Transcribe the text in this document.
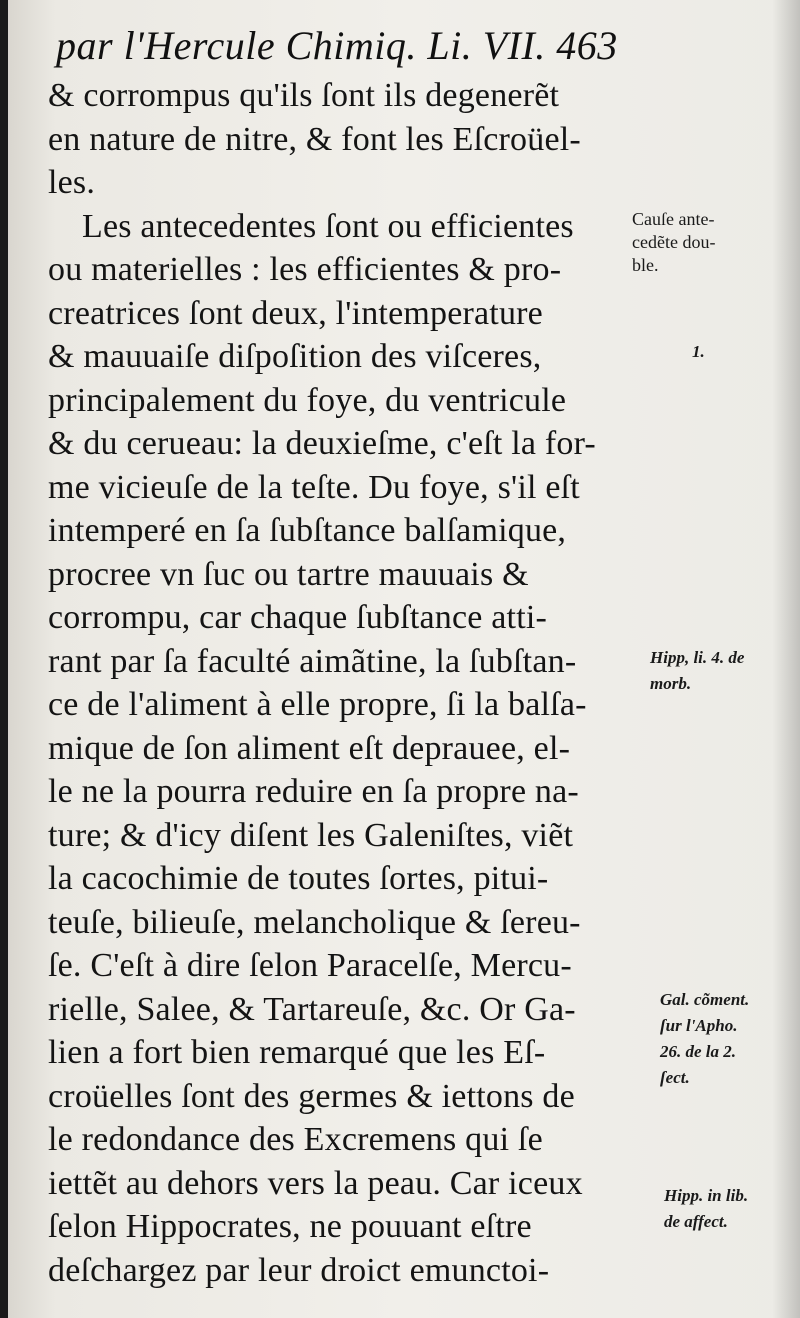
par l'Hercule Chimiq. Li. VII. 463
& corrompus qu'ils ſont ils degenerẽt
en nature de nitre, & font les Eſcroüel-
les.
Les antecedentes ſont ou efficientes
ou materielles : les efficientes & pro-
creatrices ſont deux, l'intemperature
& mauuaiſe diſpoſition des viſceres,
principalement du foye, du ventricule
& du cerueau: la deuxieſme, c'eſt la for-
me vicieuſe de la teſte. Du foye, s'il eſt
intemperé en ſa ſubſtance balſamique,
procree vn ſuc ou tartre mauuais &
corrompu, car chaque ſubſtance atti-
rant par ſa faculté aimãtine, la ſubſtan-
ce de l'aliment à elle propre, ſi la balſa-
mique de ſon aliment eſt deprauee, el-
le ne la pourra reduire en ſa propre na-
ture; & d'icy diſent les Galeniſtes, viẽt
la cacochimie de toutes ſortes, pitui-
teuſe, bilieuſe, melancholique & ſereu-
ſe. C'eſt à dire ſelon Paracelſe, Mercu-
rielle, Salee, & Tartareuſe, &c. Or Ga-
lien a fort bien remarqué que les Eſ-
croüelles ſont des germes & iettons de
le redondance des Excremens qui ſe
iettẽt au dehors vers la peau. Car iceux
ſelon Hippocrates, ne pouuant eſtre
deſchargez par leur droict emunctoi-
Cauſe ante-
cedẽte dou-
ble.
1.
Hipp, li. 4. de
morb.
Gal. cõment.
ſur l'Apho.
26. de la 2.
ſect.
Hipp. in lib.
de affect.
